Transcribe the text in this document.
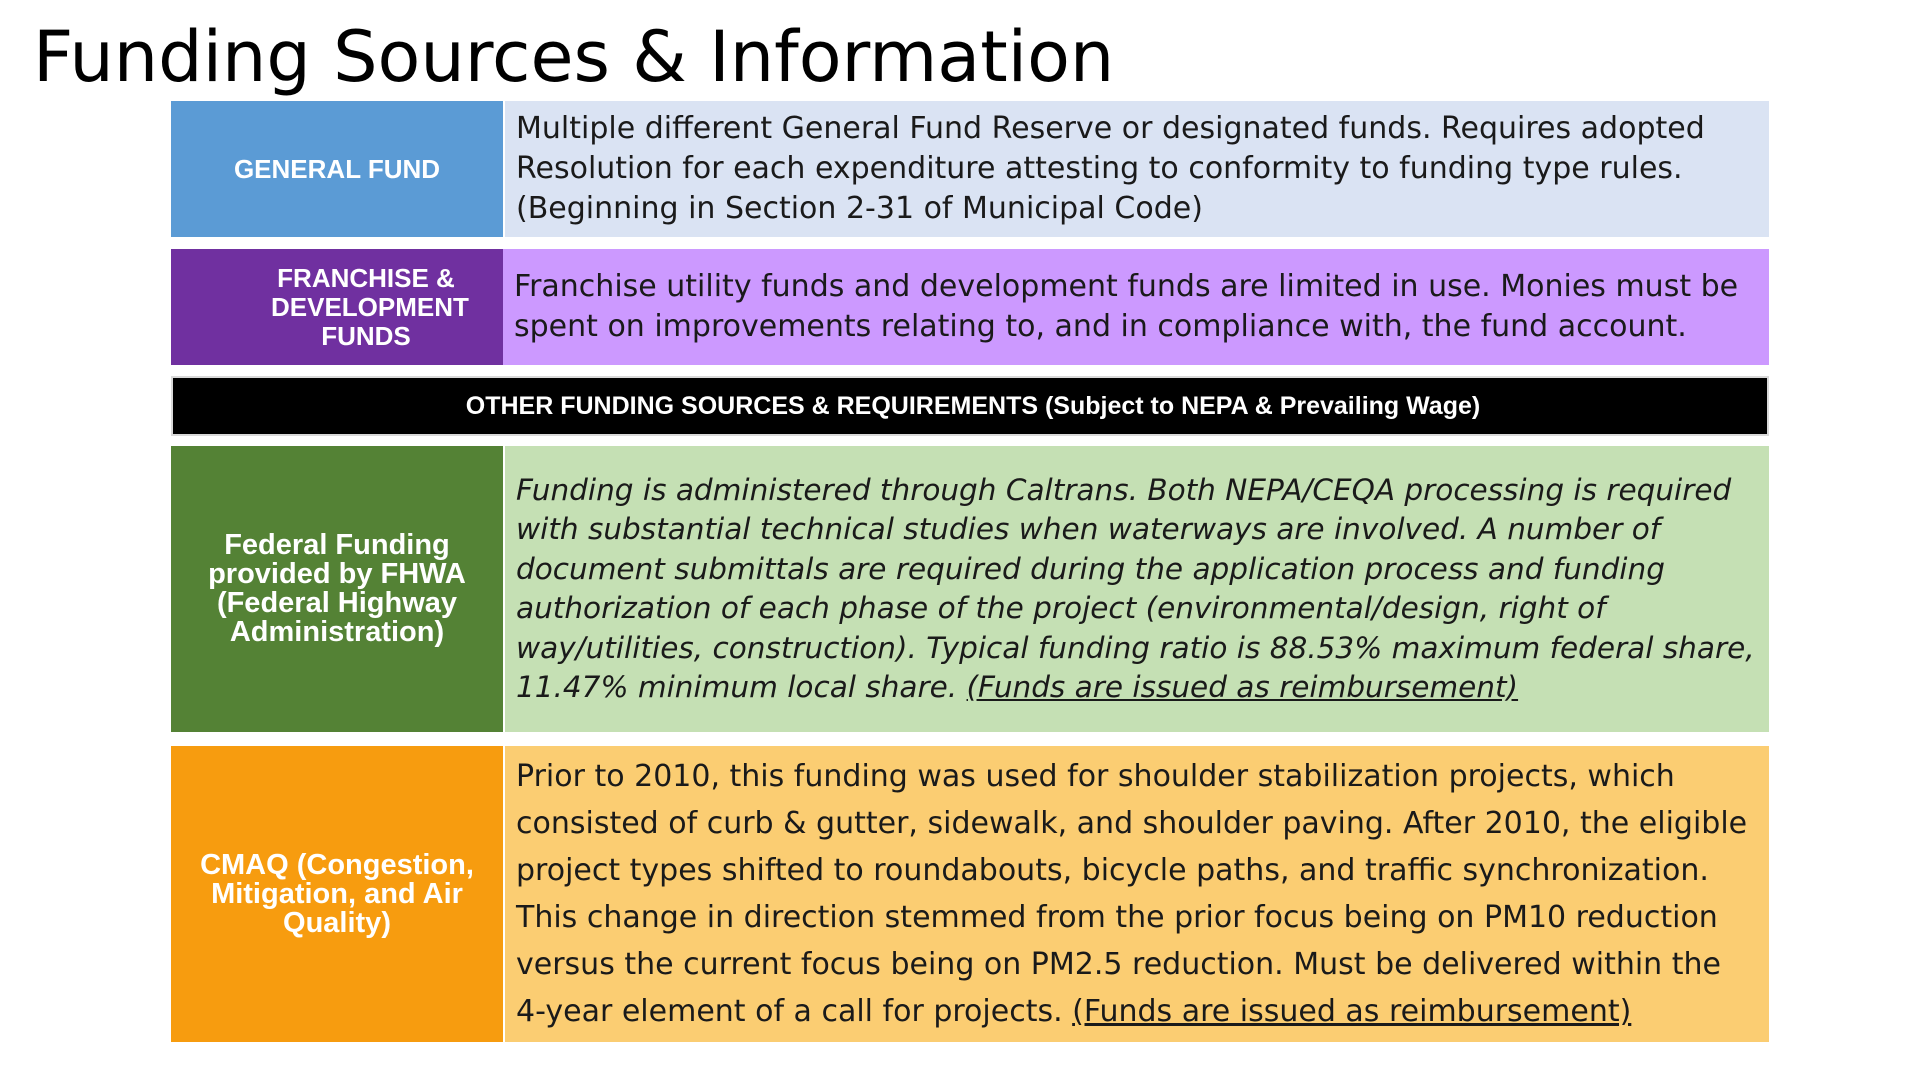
Funding Sources & Information
GENERAL FUND

Multiple different General Fund Reserve or designated funds. Requires adopted Resolution for each expenditure attesting to conformity to funding type rules. (Beginning in Section 2-31 of Municipal Code)

FRANCHISE & DEVELOPMENT FUNDS

Franchise utility funds and development funds are limited in use. Monies must be spent on improvements relating to, and in compliance with, the fund account.

OTHER FUNDING SOURCES & REQUIREMENTS (Subject to NEPA & Prevailing Wage)
Federal Funding provided by FHWA (Federal Highway Administration)

Funding is administered through Caltrans. Both NEPA/CEQA processing is required with substantial technical studies when waterways are involved. A number of document submittals are required during the application process and funding authorization of each phase of the project (environmental/design, right of way/utilities, construction). Typical funding ratio is 88.53% maximum federal share, 11.47% minimum local share. (Funds are issued as reimbursement)

CMAQ (Congestion, Mitigation, and Air Quality)

Prior to 2010, this funding was used for shoulder stabilization projects, which consisted of curb & gutter, sidewalk, and shoulder paving. After 2010, the eligible project types shifted to roundabouts, bicycle paths, and traffic synchronization. This change in direction stemmed from the prior focus being on PM10 reduction versus the current focus being on PM2.5 reduction. Must be delivered within the 4-year element of a call for projects. (Funds are issued as reimbursement)
